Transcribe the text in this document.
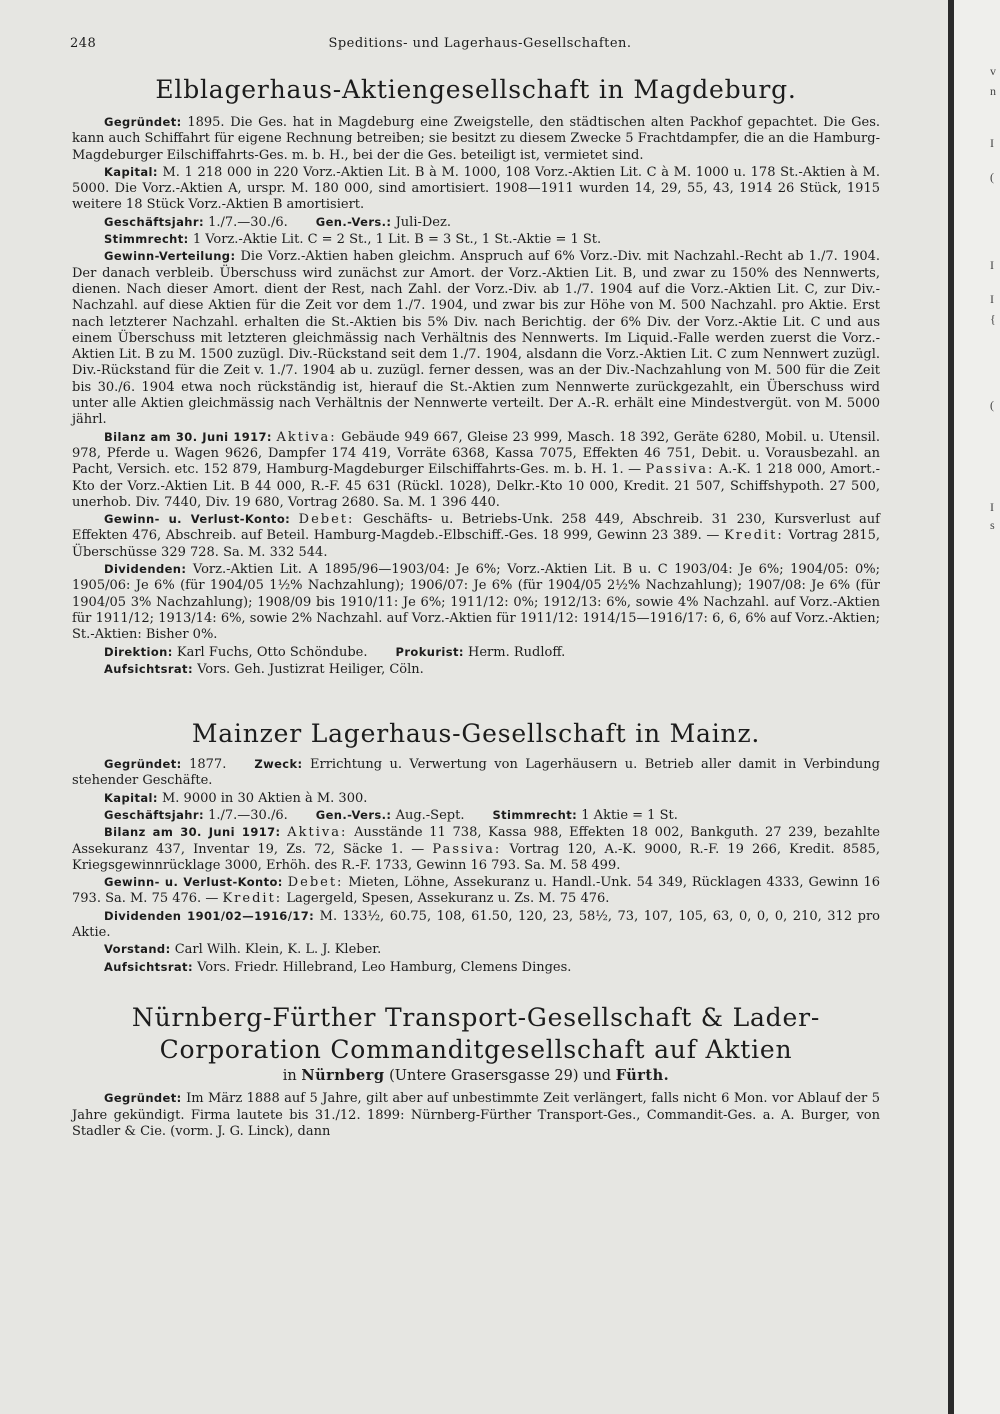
248	Speditions- und Lagerhaus-Gesellschaften.
Elblagerhaus-Aktiengesellschaft in Magdeburg.

Gegründet: 1895. Die Ges. hat in Magdeburg eine Zweigstelle, den städtischen alten Packhof gepachtet. Die Ges. kann auch Schiffahrt für eigene Rechnung betreiben; sie besitzt zu diesem Zwecke 5 Frachtdampfer, die an die Hamburg-Magdeburger Eilschiffahrts-Ges. m. b. H., bei der die Ges. beteiligt ist, vermietet sind.

Kapital: M. 1 218 000 in 220 Vorz.-Aktien Lit. B à M. 1000, 108 Vorz.-Aktien Lit. C à M. 1000 u. 178 St.-Aktien à M. 5000. Die Vorz.-Aktien A, urspr. M. 180 000, sind amortisiert. 1908—1911 wurden 14, 29, 55, 43, 1914 26 Stück, 1915 weitere 18 Stück Vorz.-Aktien B amortisiert.

Geschäftsjahr: 1./7.—30./6. Gen.-Vers.: Juli-Dez.

Stimmrecht: 1 Vorz.-Aktie Lit. C = 2 St., 1 Lit. B = 3 St., 1 St.-Aktie = 1 St.

Gewinn-Verteilung: Die Vorz.-Aktien haben gleichm. Anspruch auf 6% Vorz.-Div. mit Nachzahl.-Recht ab 1./7. 1904. Der danach verbleib. Überschuss wird zunächst zur Amort. der Vorz.-Aktien Lit. B, und zwar zu 150% des Nennwerts, dienen. Nach dieser Amort. dient der Rest, nach Zahl. der Vorz.-Div. ab 1./7. 1904 auf die Vorz.-Aktien Lit. C, zur Div.-Nachzahl. auf diese Aktien für die Zeit vor dem 1./7. 1904, und zwar bis zur Höhe von M. 500 Nachzahl. pro Aktie. Erst nach letzterer Nachzahl. erhalten die St.-Aktien bis 5% Div. nach Berichtig. der 6% Div. der Vorz.-Aktie Lit. C und aus einem Überschuss mit letzteren gleichmässig nach Verhältnis des Nennwerts. Im Liquid.-Falle werden zuerst die Vorz.-Aktien Lit. B zu M. 1500 zuzügl. Div.-Rückstand seit dem 1./7. 1904, alsdann die Vorz.-Aktien Lit. C zum Nennwert zuzügl. Div.-Rückstand für die Zeit v. 1./7. 1904 ab u. zuzügl. ferner dessen, was an der Div.-Nachzahlung von M. 500 für die Zeit bis 30./6. 1904 etwa noch rückständig ist, hierauf die St.-Aktien zum Nennwerte zurückgezahlt, ein Überschuss wird unter alle Aktien gleichmässig nach Verhältnis der Nennwerte verteilt. Der A.-R. erhält eine Mindestvergüt. von M. 5000 jährl.

Bilanz am 30. Juni 1917: Aktiva: Gebäude 949 667, Gleise 23 999, Masch. 18 392, Geräte 6280, Mobil. u. Utensil. 978, Pferde u. Wagen 9626, Dampfer 174 419, Vorräte 6368, Kassa 7075, Effekten 46 751, Debit. u. Vorausbezahl. an Pacht, Versich. etc. 152 879, Hamburg-Magdeburger Eilschiffahrts-Ges. m. b. H. 1. — Passiva: A.-K. 1 218 000, Amort.-Kto der Vorz.-Aktien Lit. B 44 000, R.-F. 45 631 (Rückl. 1028), Delkr.-Kto 10 000, Kredit. 21 507, Schiffshypoth. 27 500, unerhob. Div. 7440, Div. 19 680, Vortrag 2680. Sa. M. 1 396 440.

Gewinn- u. Verlust-Konto: Debet: Geschäfts- u. Betriebs-Unk. 258 449, Abschreib. 31 230, Kursverlust auf Effekten 476, Abschreib. auf Beteil. Hamburg-Magdeb.-Elbschiff.-Ges. 18 999, Gewinn 23 389. — Kredit: Vortrag 2815, Überschüsse 329 728. Sa. M. 332 544.

Dividenden: Vorz.-Aktien Lit. A 1895/96—1903/04: Je 6%; Vorz.-Aktien Lit. B u. C 1903/04: Je 6%; 1904/05: 0%; 1905/06: Je 6% (für 1904/05 1½% Nachzahlung); 1906/07: Je 6% (für 1904/05 2½% Nachzahlung); 1907/08: Je 6% (für 1904/05 3% Nachzahlung); 1908/09 bis 1910/11: Je 6%; 1911/12: 0%; 1912/13: 6%, sowie 4% Nachzahl. auf Vorz.-Aktien für 1911/12; 1913/14: 6%, sowie 2% Nachzahl. auf Vorz.-Aktien für 1911/12: 1914/15—1916/17: 6, 6, 6% auf Vorz.-Aktien; St.-Aktien: Bisher 0%.

Direktion: Karl Fuchs, Otto Schöndube. Prokurist: Herm. Rudloff.

Aufsichtsrat: Vors. Geh. Justizrat Heiliger, Cöln.

Mainzer Lagerhaus-Gesellschaft in Mainz.

Gegründet: 1877. Zweck: Errichtung u. Verwertung von Lagerhäusern u. Betrieb aller damit in Verbindung stehender Geschäfte.

Kapital: M. 9000 in 30 Aktien à M. 300.

Geschäftsjahr: 1./7.—30./6. Gen.-Vers.: Aug.-Sept. Stimmrecht: 1 Aktie = 1 St.

Bilanz am 30. Juni 1917: Aktiva: Ausstände 11 738, Kassa 988, Effekten 18 002, Bankguth. 27 239, bezahlte Assekuranz 437, Inventar 19, Zs. 72, Säcke 1. — Passiva: Vortrag 120, A.-K. 9000, R.-F. 19 266, Kredit. 8585, Kriegsgewinnrücklage 3000, Erhöh. des R.-F. 1733, Gewinn 16 793. Sa. M. 58 499.

Gewinn- u. Verlust-Konto: Debet: Mieten, Löhne, Assekuranz u. Handl.-Unk. 54 349, Rücklagen 4333, Gewinn 16 793. Sa. M. 75 476. — Kredit: Lagergeld, Spesen, Assekuranz u. Zs. M. 75 476.

Dividenden 1901/02—1916/17: M. 133½, 60.75, 108, 61.50, 120, 23, 58½, 73, 107, 105, 63, 0, 0, 0, 210, 312 pro Aktie.

Vorstand: Carl Wilh. Klein, K. L. J. Kleber.

Aufsichtsrat: Vors. Friedr. Hillebrand, Leo Hamburg, Clemens Dinges.

Nürnberg-Fürther Transport-Gesellschaft & Lader-
Corporation Commanditgesellschaft auf Aktien
in Nürnberg (Untere Grasersgasse 29) und Fürth.

Gegründet: Im März 1888 auf 5 Jahre, gilt aber auf unbestimmte Zeit verlängert, falls nicht 6 Mon. vor Ablauf der 5 Jahre gekündigt. Firma lautete bis 31./12. 1899: Nürnberg-Fürther Transport-Ges., Commandit-Ges. a. A. Burger, von Stadler & Cie. (vorm. J. G. Linck), dann

v
n
I
(
I
I
{
(
I
s
